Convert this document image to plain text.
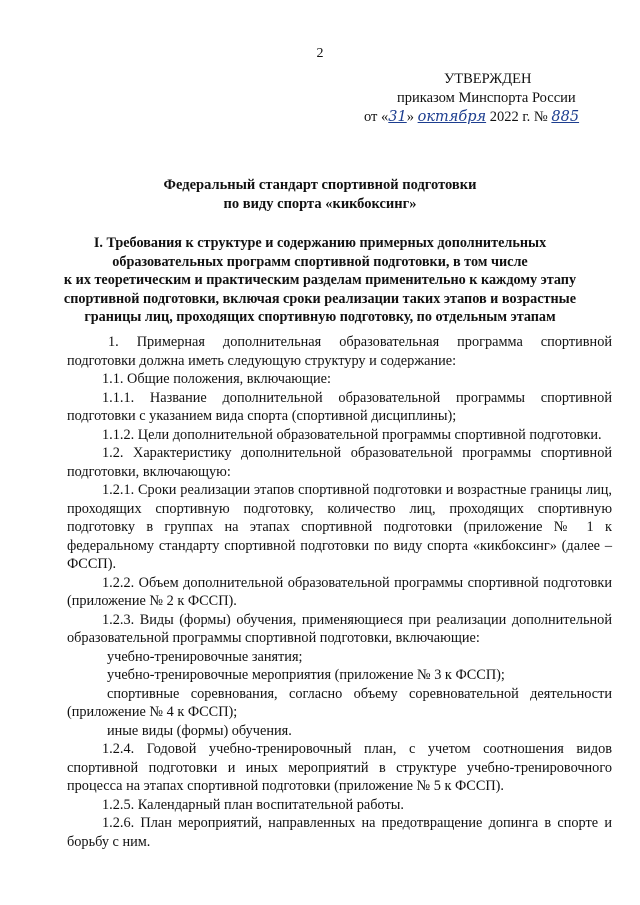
2
УТВЕРЖДЕН
приказом Минспорта России
от «31» октября 2022 г. № 885
Федеральный стандарт спортивной подготовки
по виду спорта «кикбоксинг»
I. Требования к структуре и содержанию примерных дополнительных
образовательных программ спортивной подготовки, в том числе
к их теоретическим и практическим разделам применительно к каждому этапу
спортивной подготовки, включая сроки реализации таких этапов и возрастные
границы лиц, проходящих спортивную подготовку, по отдельным этапам

1. Примерная дополнительная образовательная программа спортивной подготовки должна иметь следующую структуру и содержание:

1.1. Общие положения, включающие:

1.1.1. Название дополнительной образовательной программы спортивной подготовки с указанием вида спорта (спортивной дисциплины);

1.1.2. Цели дополнительной образовательной программы спортивной подготовки.

1.2. Характеристику дополнительной образовательной программы спортивной подготовки, включающую:

1.2.1. Сроки реализации этапов спортивной подготовки и возрастные границы лиц, проходящих спортивную подготовку, количество лиц, проходящих спортивную подготовку в группах на этапах спортивной подготовки (приложение № 1 к федеральному стандарту спортивной подготовки по виду спорта «кикбоксинг» (далее – ФССП).

1.2.2. Объем дополнительной образовательной программы спортивной подготовки (приложение № 2 к ФССП).

1.2.3. Виды (формы) обучения, применяющиеся при реализации дополнительной образовательной программы спортивной подготовки, включающие:

учебно-тренировочные занятия;

учебно-тренировочные мероприятия (приложение № 3 к ФССП);

спортивные соревнования, согласно объему соревновательной деятельности (приложение № 4 к ФССП);

иные виды (формы) обучения.

1.2.4. Годовой учебно-тренировочный план, с учетом соотношения видов спортивной подготовки и иных мероприятий в структуре учебно-тренировочного процесса на этапах спортивной подготовки (приложение № 5 к ФССП).

1.2.5. Календарный план воспитательной работы.

1.2.6. План мероприятий, направленных на предотвращение допинга в спорте и борьбу с ним.
